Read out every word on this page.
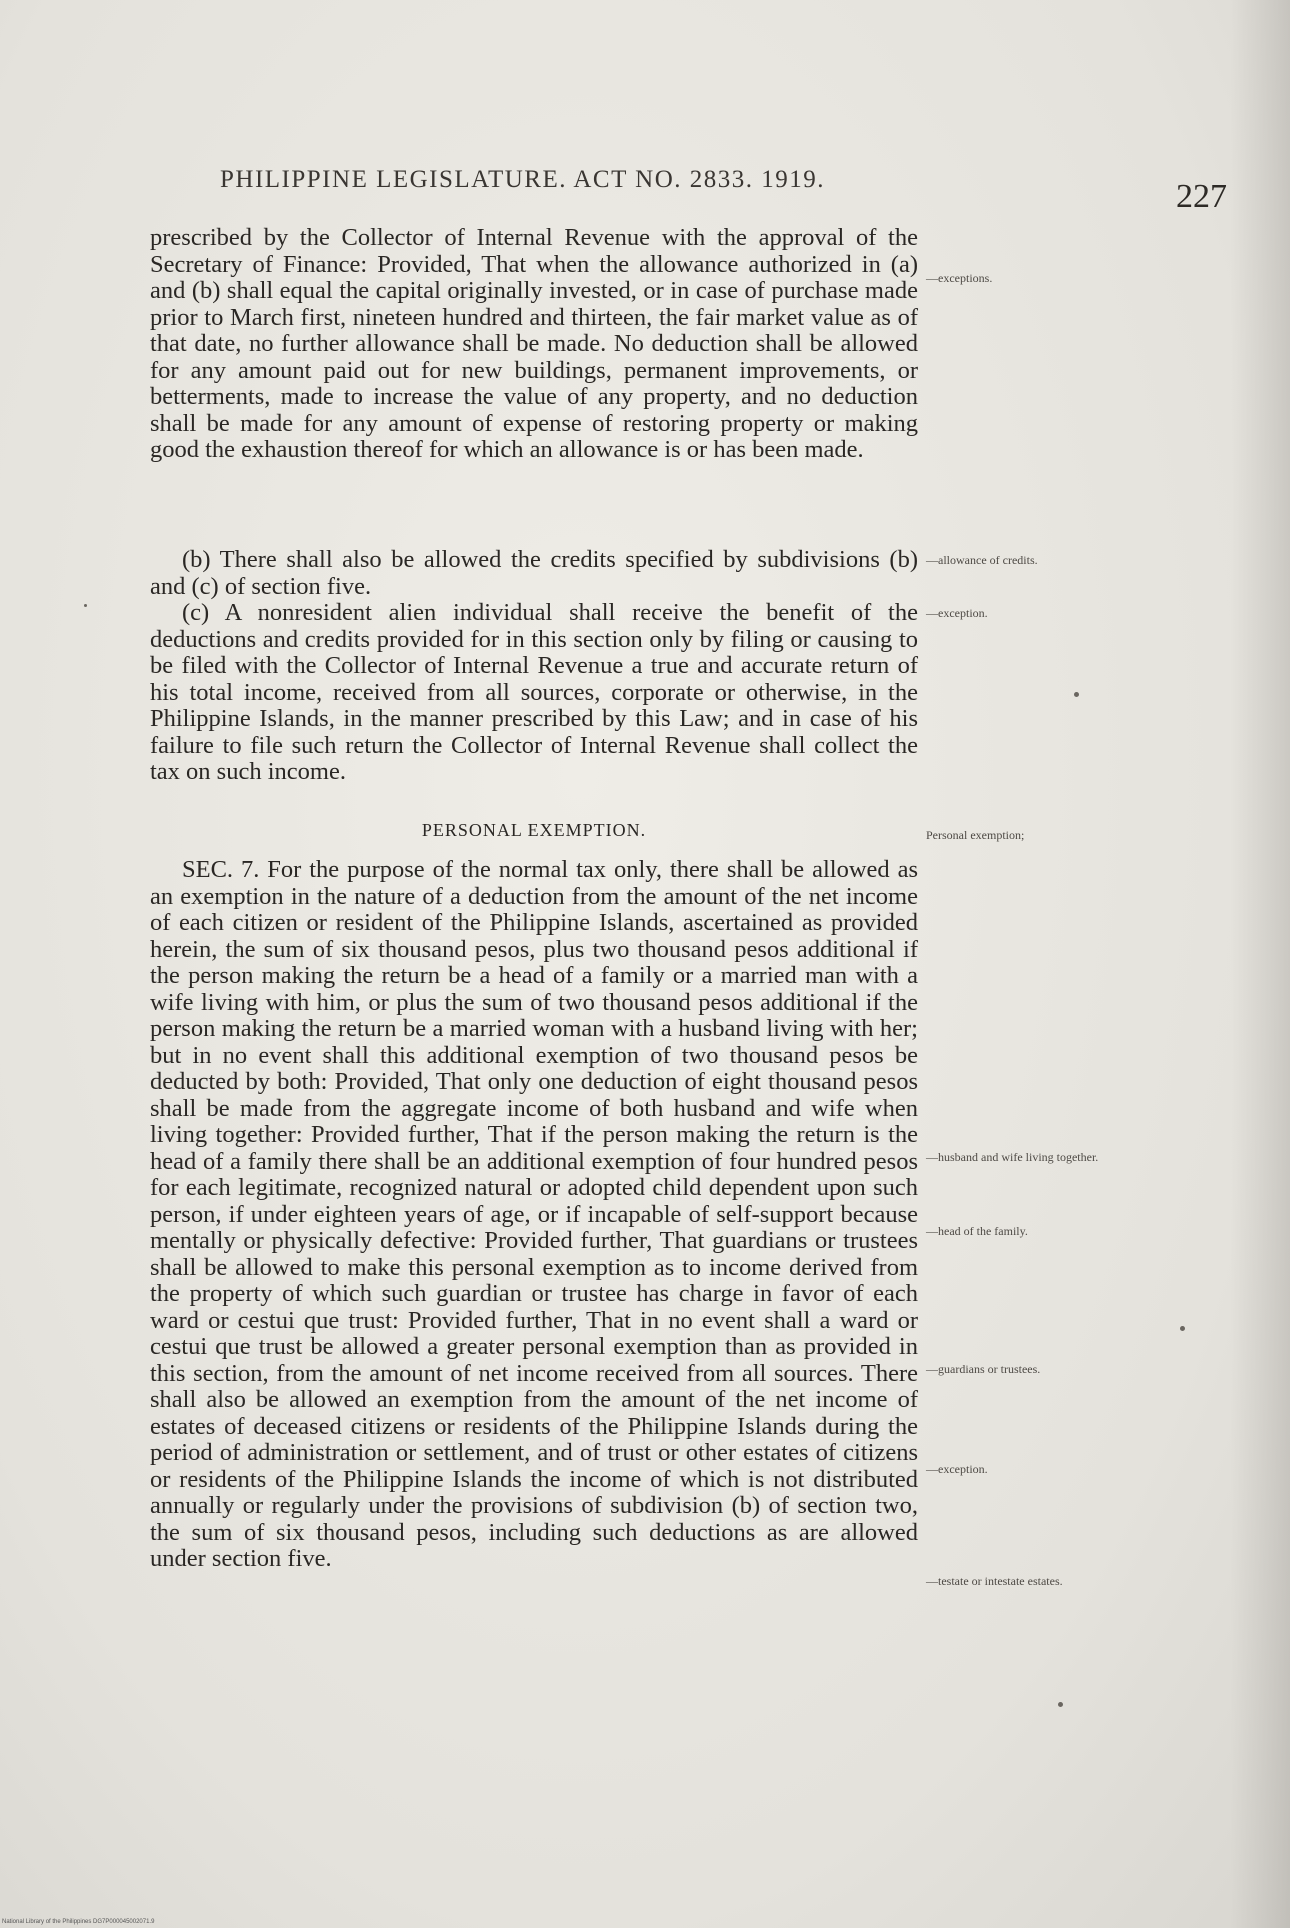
PHILIPPINE LEGISLATURE. ACT NO. 2833. 1919.	227
prescribed by the Collector of Internal Revenue with the approval of the Secretary of Finance: Provided, That when the allowance authorized in (a) and (b) shall equal the capital originally invested, or in case of purchase made prior to March first, nineteen hundred and thirteen, the fair market value as of that date, no further allowance shall be made. No deduction shall be allowed for any amount paid out for new buildings, permanent improvements, or betterments, made to increase the value of any property, and no deduction shall be made for any amount of expense of restoring property or making good the exhaustion thereof for which an allowance is or has been made.
(b) There shall also be allowed the credits specified by subdivisions (b) and (c) of section five.
(c) A nonresident alien individual shall receive the benefit of the deductions and credits provided for in this section only by filing or causing to be filed with the Collector of Internal Revenue a true and accurate return of his total income, received from all sources, corporate or otherwise, in the Philippine Islands, in the manner prescribed by this Law; and in case of his failure to file such return the Collector of Internal Revenue shall collect the tax on such income.
PERSONAL EXEMPTION.
SEC. 7. For the purpose of the normal tax only, there shall be allowed as an exemption in the nature of a deduction from the amount of the net income of each citizen or resident of the Philippine Islands, ascertained as provided herein, the sum of six thousand pesos, plus two thousand pesos additional if the person making the return be a head of a family or a married man with a wife living with him, or plus the sum of two thousand pesos additional if the person making the return be a married woman with a husband living with her; but in no event shall this additional exemption of two thousand pesos be deducted by both: Provided, That only one deduction of eight thousand pesos shall be made from the aggregate income of both husband and wife when living together: Provided further, That if the person making the return is the head of a family there shall be an additional exemption of four hundred pesos for each legitimate, recognized natural or adopted child dependent upon such person, if under eighteen years of age, or if incapable of self-support because mentally or physically defective: Provided further, That guardians or trustees shall be allowed to make this personal exemption as to income derived from the property of which such guardian or trustee has charge in favor of each ward or cestui que trust: Provided further, That in no event shall a ward or cestui que trust be allowed a greater personal exemption than as provided in this section, from the amount of net income received from all sources. There shall also be allowed an exemption from the amount of the net income of estates of deceased citizens or residents of the Philippine Islands during the period of administration or settlement, and of trust or other estates of citizens or residents of the Philippine Islands the income of which is not distributed annually or regularly under the provisions of subdivision (b) of section two, the sum of six thousand pesos, including such deductions as are allowed under section five.
—exceptions.
—allowance of credits.
—exception.
Personal exemption;
—husband and wife living together.
—head of the family.
—guardians or trustees.
—exception.
—testate or intestate estates.
National Library of the Philippines DG7P000045002071.9
